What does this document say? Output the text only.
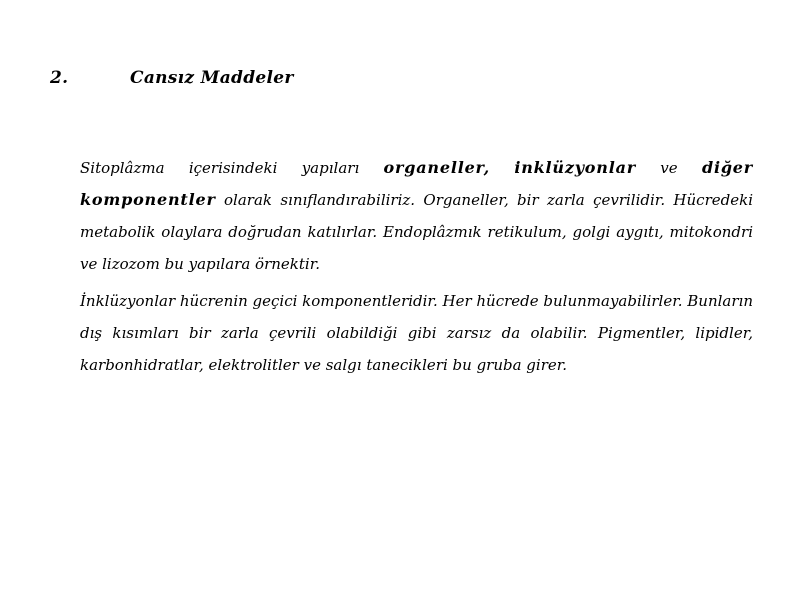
2.	Cansız Maddeler

Sitoplâzma içerisindeki yapıları organeller, inklüzyonlar ve diğer komponentler olarak sınıflandırabiliriz. Organeller, bir zarla çevrilidir. Hücredeki metabolik olaylara doğrudan katılırlar. Endoplâzmık retikulum, golgi aygıtı, mitokondri ve lizozom bu yapılara örnektir.

İnklüzyonlar hücrenin geçici komponentleridir. Her hücrede bulunmayabilirler. Bunların dış kısımları bir zarla çevrili olabildiği gibi zarsız da olabilir. Pigmentler, lipidler, karbonhidratlar, elektrolitler ve salgı tanecikleri bu gruba girer.
